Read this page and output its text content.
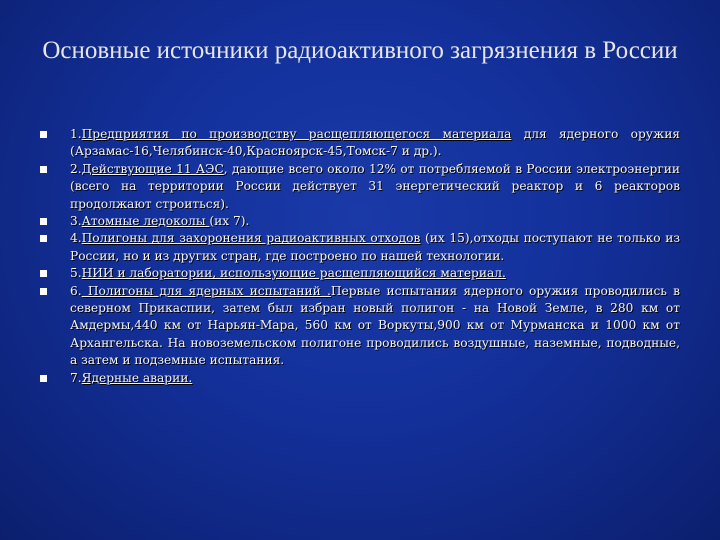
Основные источники радиоактивного загрязнения в России
1.Предприятия по производству расщепляющегося материала для ядерного оружия (Арзамас-16,Челябинск-40,Красноярск-45,Томск-7 и др.).
2.Действующие 11 АЭС, дающие всего около 12% от потребляемой в России электроэнергии (всего на территории России действует 31 энергетический реактор и 6 реакторов продолжают строиться).
3.Атомные ледоколы (их 7).
4.Полигоны для захоронения радиоактивных отходов (их 15),отходы поступают не только из России, но и из других стран, где построено по нашей технологии.
5.НИИ и лаборатории, использующие расщепляющийся материал.
6. Полигоны для ядерных испытаний .Первые испытания ядерного оружия проводились в северном Прикаспии, затем был избран новый полигон - на Новой Земле, в 280 км от Амдермы,440 км от Нарьян-Мара, 560 км от Воркуты,900 км от Мурманска и 1000 км от Архангельска. На новоземельском полигоне проводились воздушные, наземные, подводные, а затем и подземные испытания.
7.Ядерные аварии.
